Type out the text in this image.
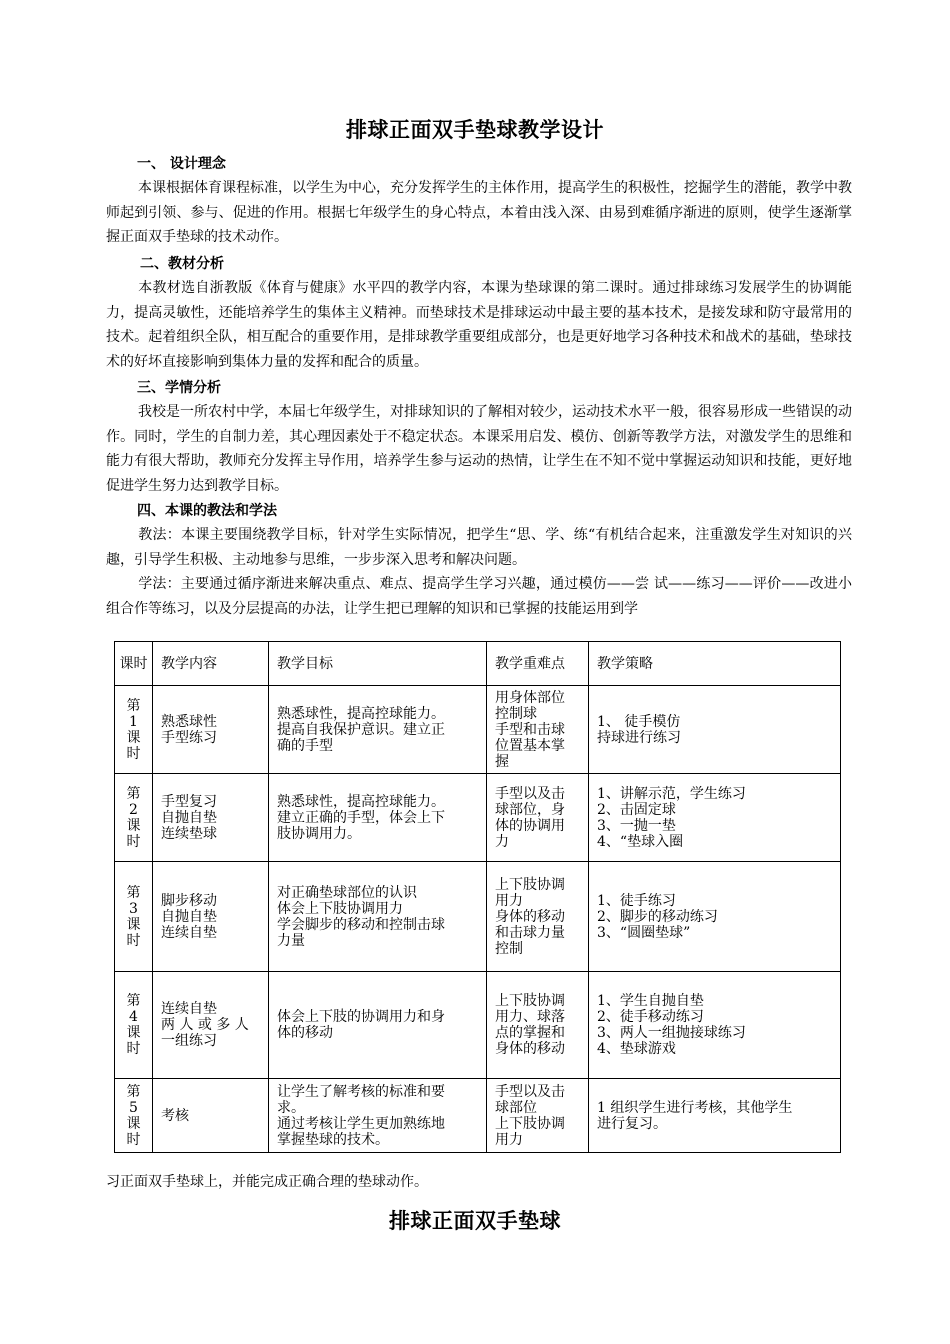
排球正面双手垫球教学设计
一、 设计理念
本课根据体育课程标准，以学生为中心，充分发挥学生的主体作用，提高学生的积极性，挖掘学生的潜能，教学中教师起到引领、参与、促进的作用。根据七年级学生的身心特点，本着由浅入深、由易到难循序渐进的原则，使学生逐渐掌握正面双手垫球的技术动作。
二、教材分析
本教材选自浙教版《体育与健康》水平四的教学内容，本课为垫球课的第二课时。通过排球练习发展学生的协调能力，提高灵敏性，还能培养学生的集体主义精神。而垫球技术是排球运动中最主要的基本技术，是接发球和防守最常用的技术。起着组织全队，相互配合的重要作用，是排球教学重要组成部分，也是更好地学习各种技术和战术的基础，垫球技术的好坏直接影响到集体力量的发挥和配合的质量。
三、学情分析
我校是一所农村中学，本届七年级学生，对排球知识的了解相对较少，运动技术水平一般，很容易形成一些错误的动作。同时，学生的自制力差，其心理因素处于不稳定状态。本课采用启发、模仿、创新等教学方法，对激发学生的思维和能力有很大帮助，教师充分发挥主导作用，培养学生参与运动的热情，让学生在不知不觉中掌握运动知识和技能，更好地促进学生努力达到教学目标。
四、本课的教法和学法
教法：本课主要围绕教学目标，针对学生实际情况，把学生“思、学、练“有机结合起来，注重激发学生对知识的兴趣，引导学生积极、主动地参与思维，一步步深入思考和解决问题。
学法：主要通过循序渐进来解决重点、难点、提高学生学习兴趣，通过模仿——尝 试——练习——评价——改进小组合作等练习，以及分层提高的办法，让学生把已理解的知识和已掌握的技能运用到学
课时	教学内容	教学目标	教学重难点	教学策略

第
1
课
时	熟悉球性
手型练习	熟悉球性，提高控球能力。
提高自我保护意识。建立正
确的手型	用身体部位
控制球
手型和击球
位置基本掌
握	1、 徒手模仿
持球进行练习

第
2
课
时	手型复习
自抛自垫
连续垫球	熟悉球性，提高控球能力。
建立正确的手型，体会上下
肢协调用力。	手型以及击
球部位，身
体的协调用
力	1、讲解示范，学生练习
2、击固定球
3、一抛一垫
4、“垫球入圈

第
3
课
时	脚步移动
自抛自垫
连续自垫	对正确垫球部位的认识
体会上下肢协调用力
学会脚步的移动和控制击球
力量	上下肢协调
用力
身体的移动
和击球力量
控制	1、徒手练习
2、脚步的移动练习
3、“圆圈垫球”

第
4
课
时	连续自垫
两 人 或 多 人
一组练习	体会上下肢的协调用力和身
体的移动	上下肢协调
用力、球落
点的掌握和
身体的移动	1、学生自抛自垫
2、徒手移动练习
3、两人一组抛接球练习
4、垫球游戏

第
5
课
时	考核	让学生了解考核的标准和要
求。
通过考核让学生更加熟练地
掌握垫球的技术。	手型以及击
球部位
上下肢协调
用力	1 组织学生进行考核，其他学生
进行复习。
习正面双手垫球上，并能完成正确合理的垫球动作。
排球正面双手垫球
